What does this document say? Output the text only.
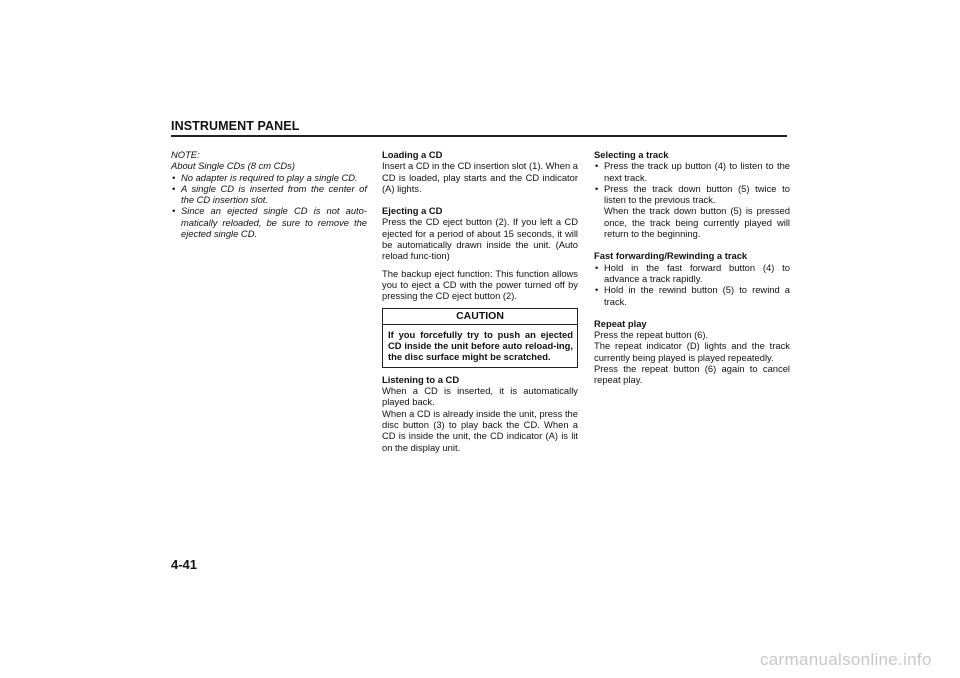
INSTRUMENT PANEL

NOTE:

About Single CDs (8 cm CDs)

• No adapter is required to play a single CD.
• A single CD is inserted from the center of the CD insertion slot.
• Since an ejected single CD is not auto-matically reloaded, be sure to remove the ejected single CD.

Loading a CD

Insert a CD in the CD insertion slot (1). When a CD is loaded, play starts and the CD indicator (A) lights.

Ejecting a CD

Press the CD eject button (2). If you left a CD ejected for a period of about 15 seconds, it will be automatically drawn inside the unit. (Auto reload func-tion)

The backup eject function: This function allows you to eject a CD with the power turned off by pressing the CD eject button (2).

CAUTION
If you forcefully try to push an ejected CD inside the unit before auto reload-ing, the disc surface might be scratched.

Listening to a CD

When a CD is inserted, it is automatically played back.

When a CD is already inside the unit, press the disc button (3) to play back the CD. When a CD is inside the unit, the CD indicator (A) is lit on the display unit.

Selecting a track

• Press the track up button (4) to listen to the next track.
• Press the track down button (5) twice to listen to the previous track.
When the track down button (5) is pressed once, the track being currently played will return to the beginning.

Fast forwarding/Rewinding a track

• Hold in the fast forward button (4) to advance a track rapidly.
• Hold in the rewind button (5) to rewind a track.

Repeat play

Press the repeat button (6).

The repeat indicator (D) lights and the track currently being played is played repeatedly.

Press the repeat button (6) again to cancel repeat play.

4-41
carmanualsonline.info
